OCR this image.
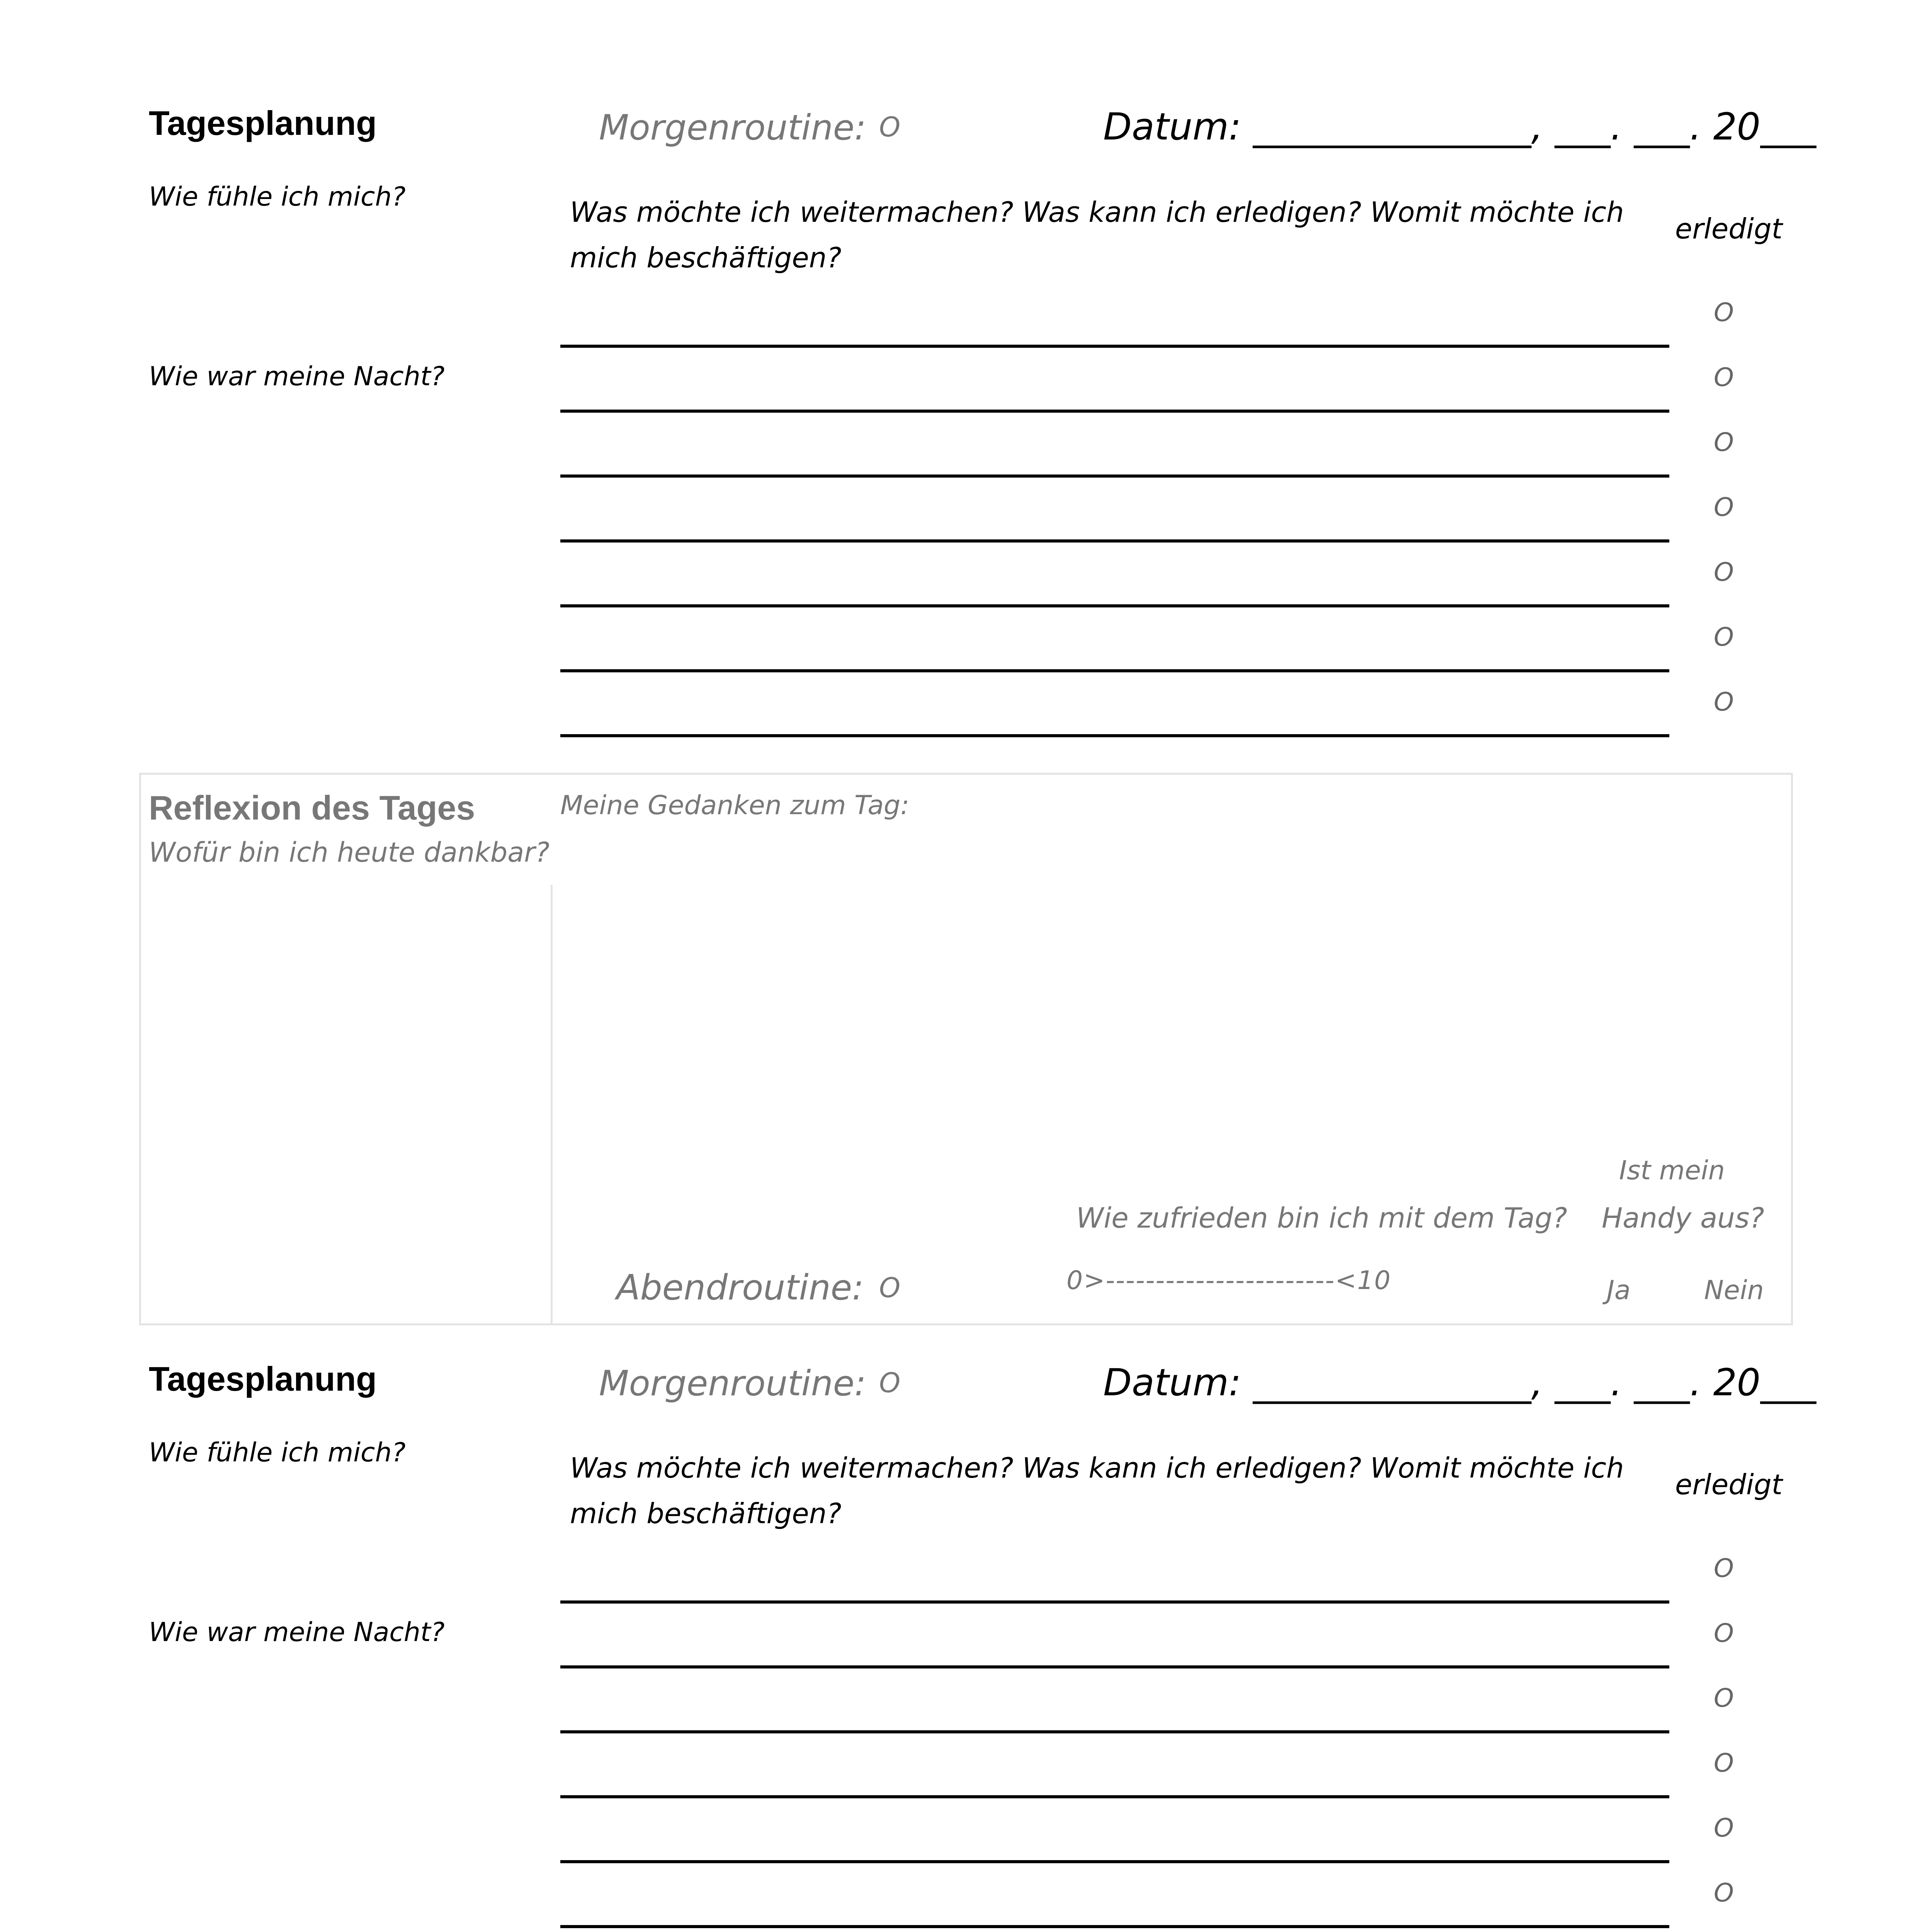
Tagesplanung	Morgenroutine: O	Datum: _______________, ___. ___. 20___
Wie fühle ich mich?
Wie war meine Nacht?
Was möchte ich weitermachen? Was kann ich erledigen? Womit möchte ich mich beschäftigen?
erledigt
O
O
O
O
O
O
O
Reflexion des Tages
Wofür bin ich heute dankbar?
Meine Gedanken zum Tag:
Ist mein
Handy aus?
Wie zufrieden bin ich mit dem Tag?
0>-----------------------<10
Abendroutine: O	Ja	Nein
Tagesplanung	Morgenroutine: O	Datum: _______________, ___. ___. 20___
Wie fühle ich mich?
Wie war meine Nacht?
Was möchte ich weitermachen? Was kann ich erledigen? Womit möchte ich mich beschäftigen?
erledigt
O
O
O
O
O
O
